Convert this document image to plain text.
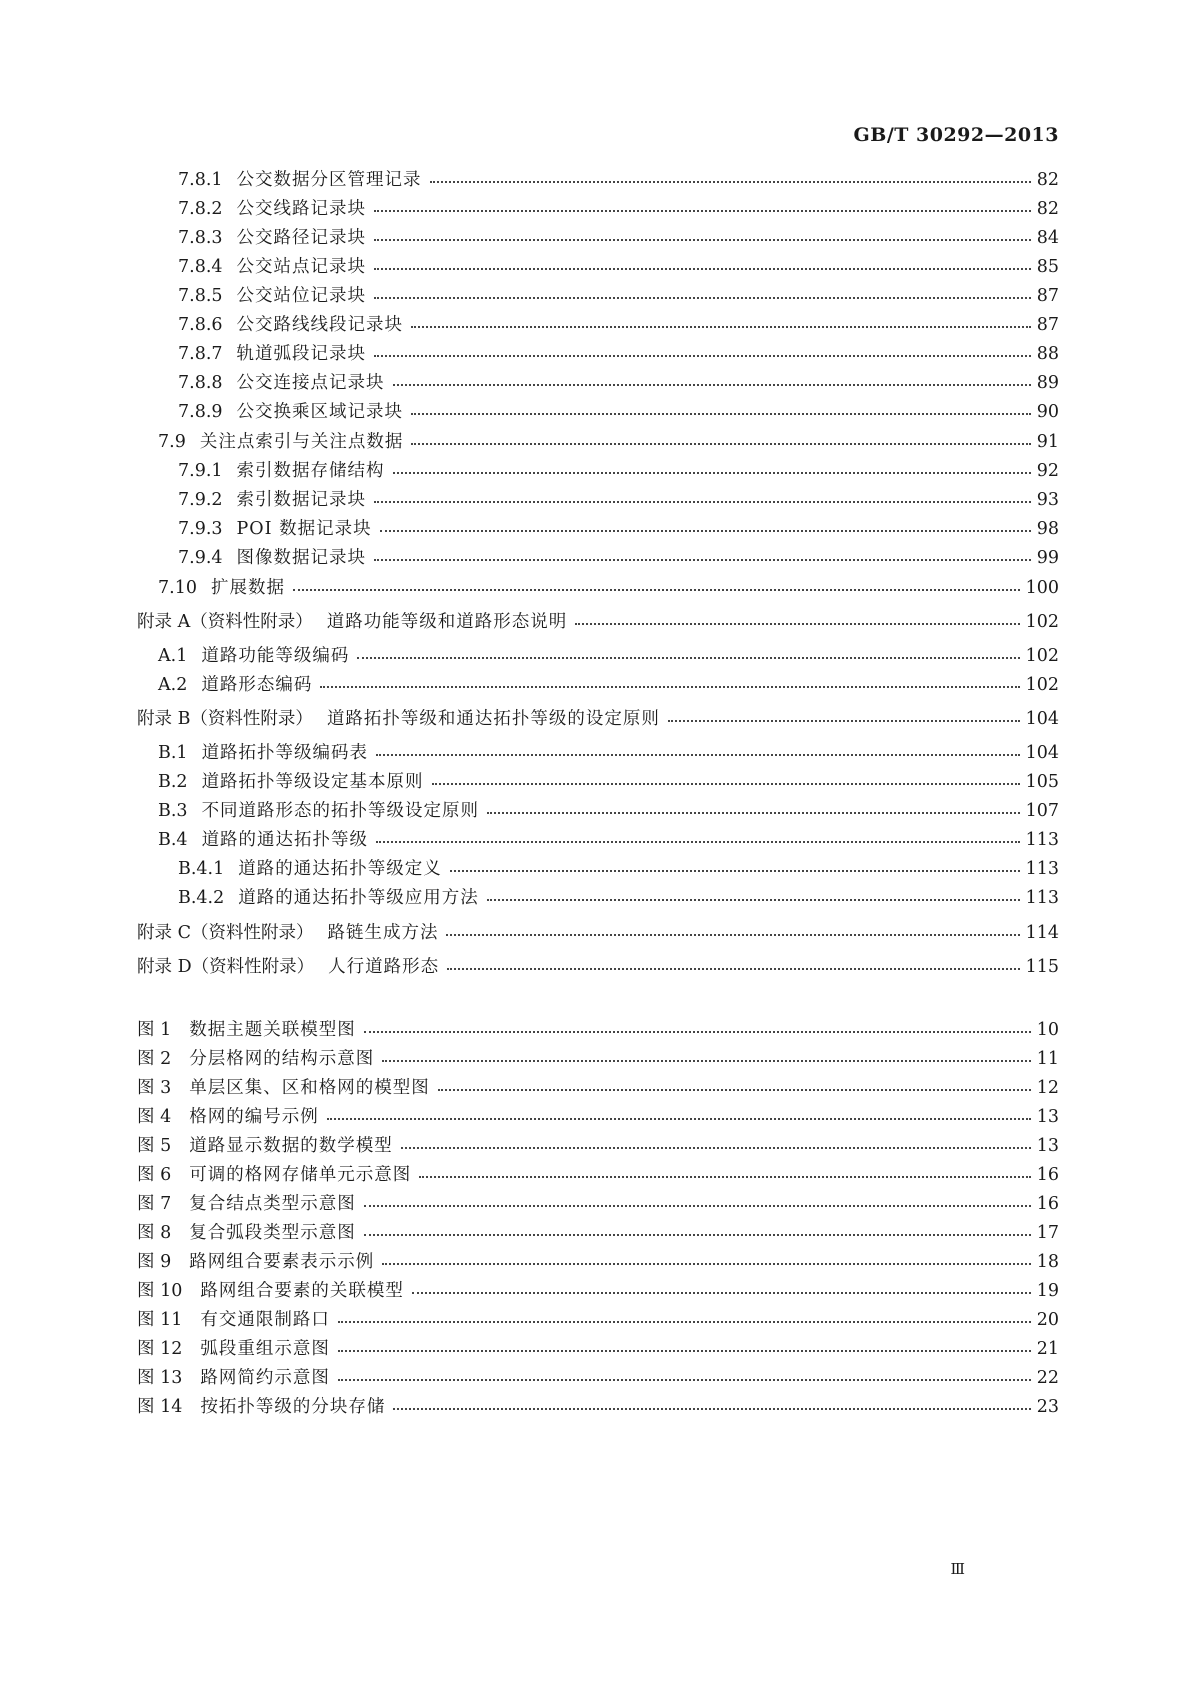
GB/T 30292—2013
7.8.1 公交数据分区管理记录	82
7.8.2 公交线路记录块	82
7.8.3 公交路径记录块	84
7.8.4 公交站点记录块	85
7.8.5 公交站位记录块	87
7.8.6 公交路线线段记录块	87
7.8.7 轨道弧段记录块	88
7.8.8 公交连接点记录块	89
7.8.9 公交换乘区域记录块	90
7.9 关注点索引与关注点数据	91
7.9.1 索引数据存储结构	92
7.9.2 索引数据记录块	93
7.9.3 POI 数据记录块	98
7.9.4 图像数据记录块	99
7.10 扩展数据	100
附录 A（资料性附录） 道路功能等级和道路形态说明	102
A.1 道路功能等级编码	102
A.2 道路形态编码	102
附录 B（资料性附录） 道路拓扑等级和通达拓扑等级的设定原则	104
B.1 道路拓扑等级编码表	104
B.2 道路拓扑等级设定基本原则	105
B.3 不同道路形态的拓扑等级设定原则	107
B.4 道路的通达拓扑等级	113
B.4.1 道路的通达拓扑等级定义	113
B.4.2 道路的通达拓扑等级应用方法	113
附录 C（资料性附录） 路链生成方法	114
附录 D（资料性附录） 人行道路形态	115
图 1 数据主题关联模型图	10
图 2 分层格网的结构示意图	11
图 3 单层区集、区和格网的模型图	12
图 4 格网的编号示例	13
图 5 道路显示数据的数学模型	13
图 6 可调的格网存储单元示意图	16
图 7 复合结点类型示意图	16
图 8 复合弧段类型示意图	17
图 9 路网组合要素表示示例	18
图 10 路网组合要素的关联模型	19
图 11 有交通限制路口	20
图 12 弧段重组示意图	21
图 13 路网简约示意图	22
图 14 按拓扑等级的分块存储	23
Ⅲ
